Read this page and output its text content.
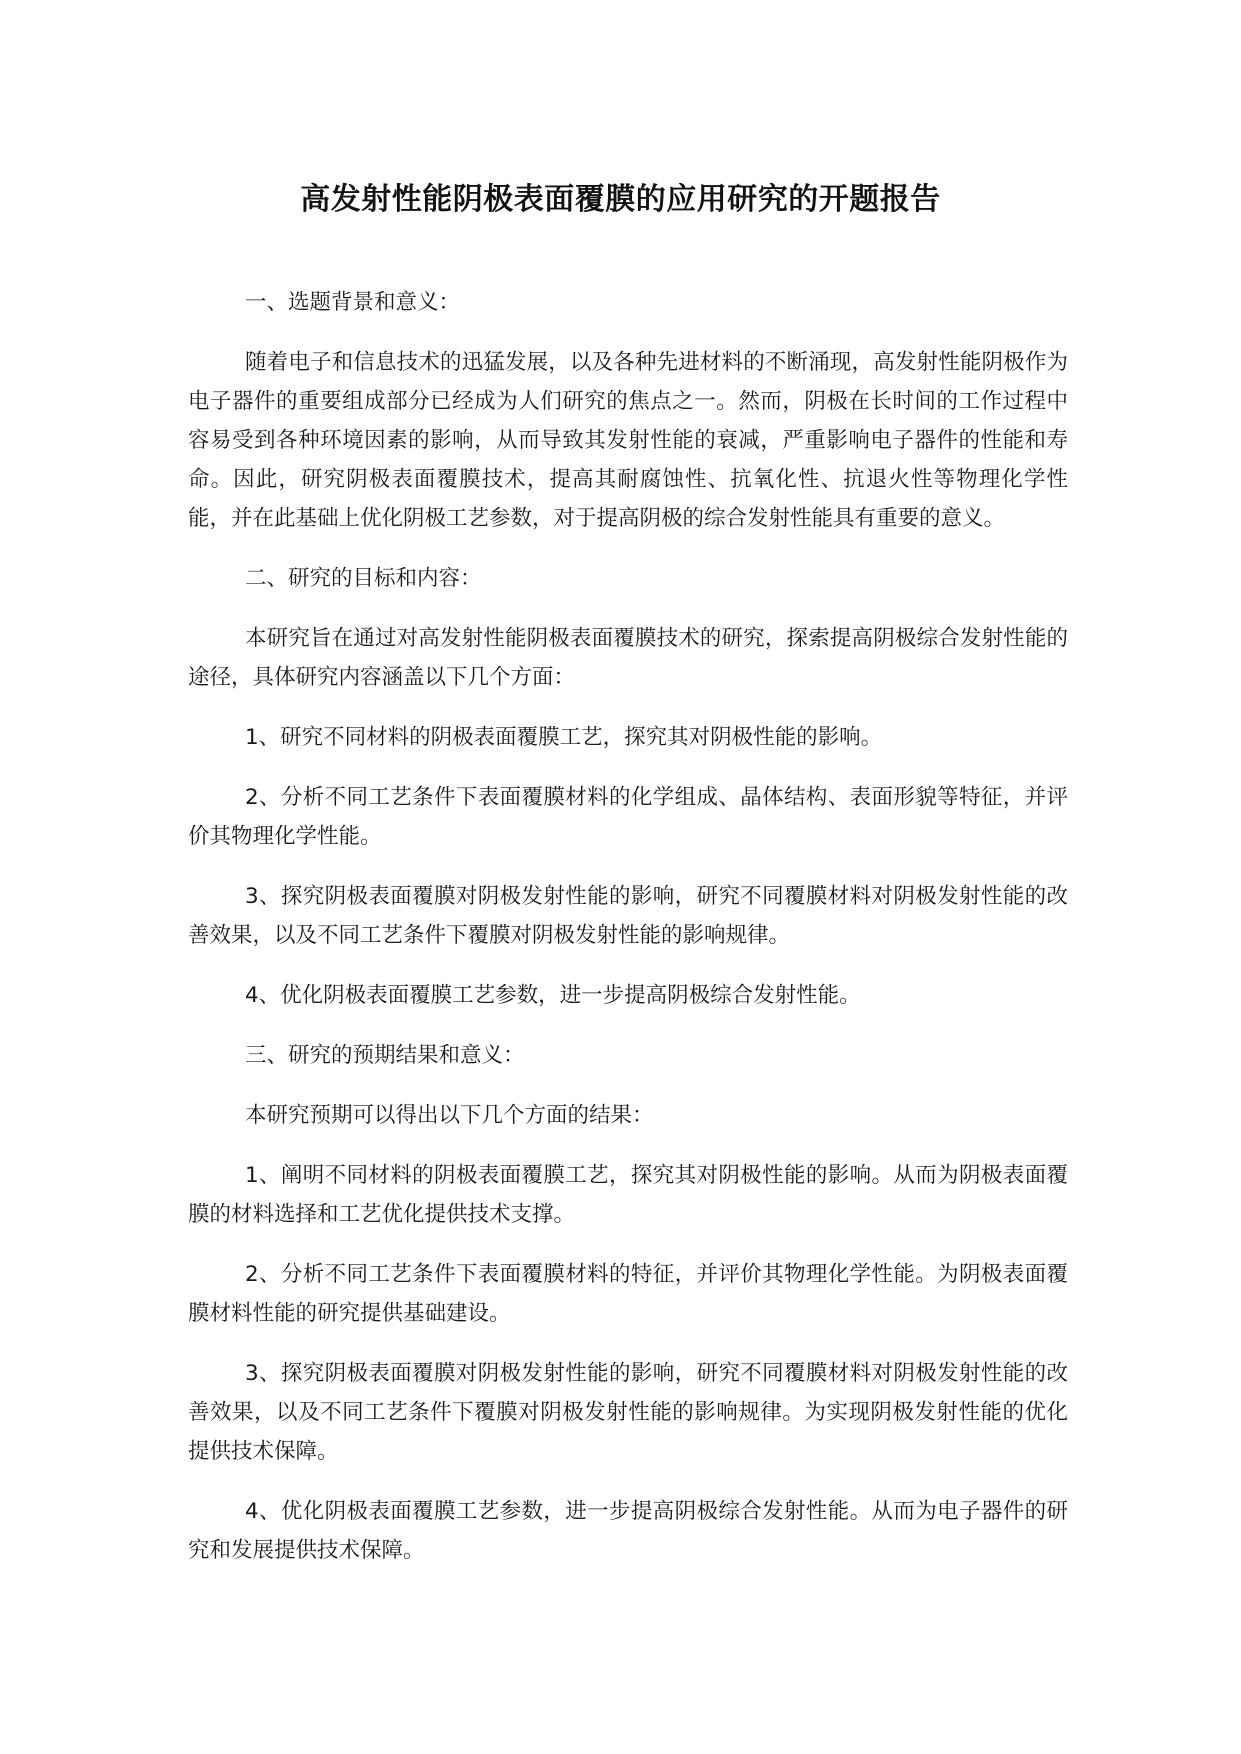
高发射性能阴极表面覆膜的应用研究的开题报告

一、选题背景和意义：

随着电子和信息技术的迅猛发展，以及各种先进材料的不断涌现，高发射性能阴极作为电子器件的重要组成部分已经成为人们研究的焦点之一。然而，阴极在长时间的工作过程中容易受到各种环境因素的影响，从而导致其发射性能的衰减，严重影响电子器件的性能和寿命。因此，研究阴极表面覆膜技术，提高其耐腐蚀性、抗氧化性、抗退火性等物理化学性能，并在此基础上优化阴极工艺参数，对于提高阴极的综合发射性能具有重要的意义。

二、研究的目标和内容：

本研究旨在通过对高发射性能阴极表面覆膜技术的研究，探索提高阴极综合发射性能的途径，具体研究内容涵盖以下几个方面：

1、研究不同材料的阴极表面覆膜工艺，探究其对阴极性能的影响。

2、分析不同工艺条件下表面覆膜材料的化学组成、晶体结构、表面形貌等特征，并评价其物理化学性能。

3、探究阴极表面覆膜对阴极发射性能的影响，研究不同覆膜材料对阴极发射性能的改善效果，以及不同工艺条件下覆膜对阴极发射性能的影响规律。

4、优化阴极表面覆膜工艺参数，进一步提高阴极综合发射性能。

三、研究的预期结果和意义：

本研究预期可以得出以下几个方面的结果：

1、阐明不同材料的阴极表面覆膜工艺，探究其对阴极性能的影响。从而为阴极表面覆膜的材料选择和工艺优化提供技术支撑。

2、分析不同工艺条件下表面覆膜材料的特征，并评价其物理化学性能。为阴极表面覆膜材料性能的研究提供基础建设。

3、探究阴极表面覆膜对阴极发射性能的影响，研究不同覆膜材料对阴极发射性能的改善效果，以及不同工艺条件下覆膜对阴极发射性能的影响规律。为实现阴极发射性能的优化提供技术保障。

4、优化阴极表面覆膜工艺参数，进一步提高阴极综合发射性能。从而为电子器件的研究和发展提供技术保障。
